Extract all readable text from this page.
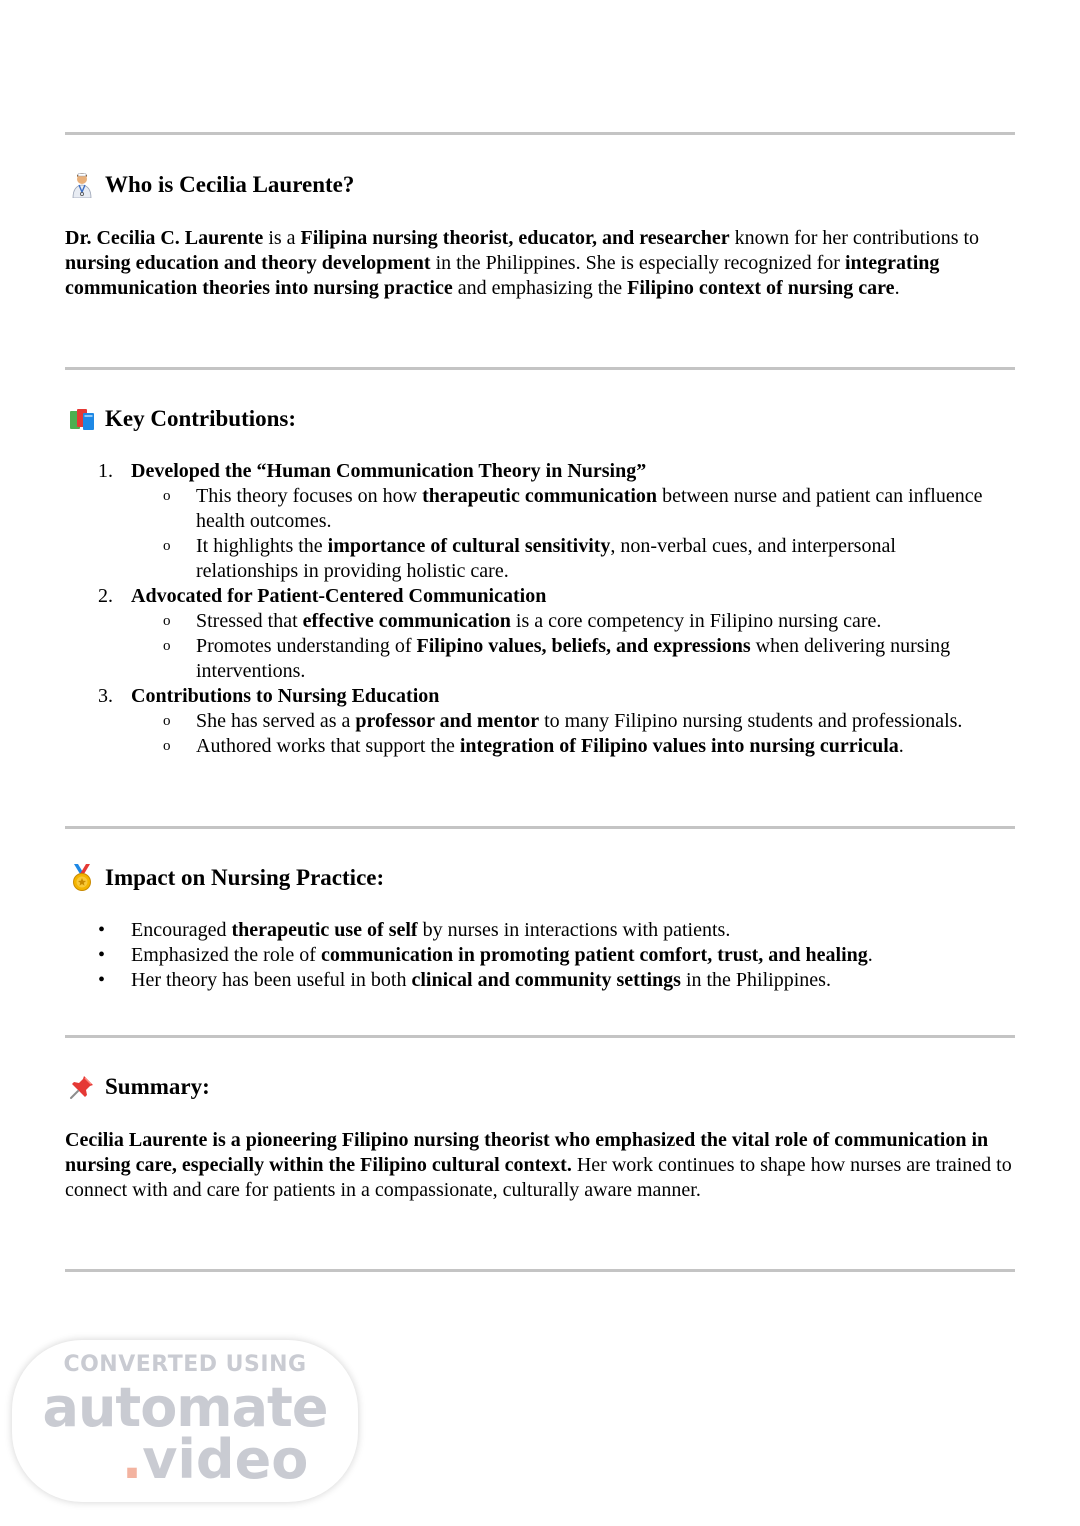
Who is Cecilia Laurente?

Dr. Cecilia C. Laurente is a Filipina nursing theorist, educator, and researcher known for her contributions to nursing education and theory development in the Philippines. She is especially recognized for integrating communication theories into nursing practice and emphasizing the Filipino context of nursing care.

Key Contributions:
1. Developed the “Human Communication Theory in Nursing”
o This theory focuses on how therapeutic communication between nurse and patient can influence health outcomes.
o It highlights the importance of cultural sensitivity, non-verbal cues, and interpersonal relationships in providing holistic care.
2. Advocated for Patient-Centered Communication
o Stressed that effective communication is a core competency in Filipino nursing care.
o Promotes understanding of Filipino values, beliefs, and expressions when delivering nursing interventions.
3. Contributions to Nursing Education
o She has served as a professor and mentor to many Filipino nursing students and professionals.
o Authored works that support the integration of Filipino values into nursing curricula.
Impact on Nursing Practice:
• Encouraged therapeutic use of self by nurses in interactions with patients.
• Emphasized the role of communication in promoting patient comfort, trust, and healing.
• Her theory has been useful in both clinical and community settings in the Philippines.
Summary:

Cecilia Laurente is a pioneering Filipino nursing theorist who emphasized the vital role of communication in nursing care, especially within the Filipino cultural context. Her work continues to shape how nurses are trained to connect with and care for patients in a compassionate, culturally aware manner.

CONVERTED USING
automate
.video
